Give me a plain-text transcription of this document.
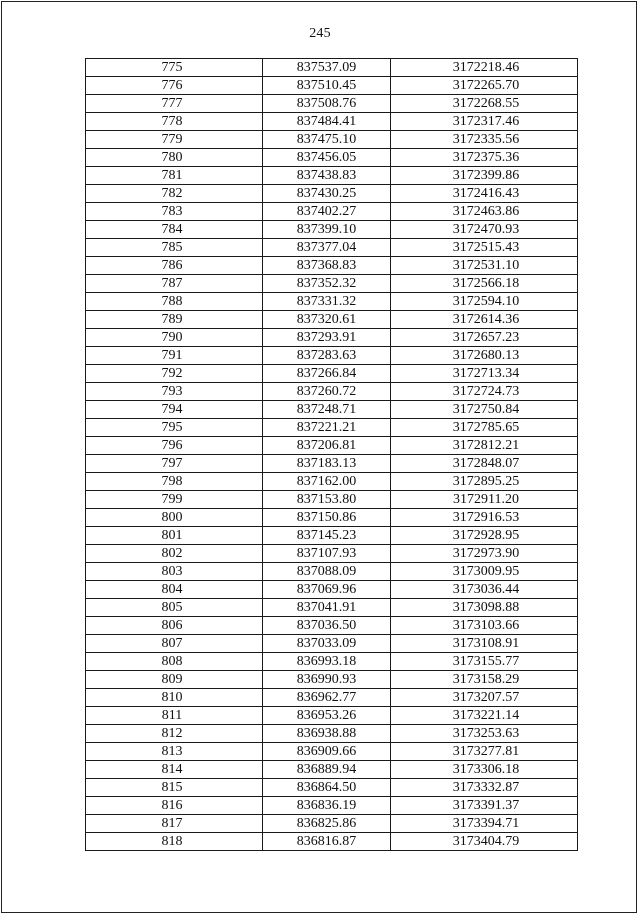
245
775	837537.09	3172218.46
776	837510.45	3172265.70
777	837508.76	3172268.55
778	837484.41	3172317.46
779	837475.10	3172335.56
780	837456.05	3172375.36
781	837438.83	3172399.86
782	837430.25	3172416.43
783	837402.27	3172463.86
784	837399.10	3172470.93
785	837377.04	3172515.43
786	837368.83	3172531.10
787	837352.32	3172566.18
788	837331.32	3172594.10
789	837320.61	3172614.36
790	837293.91	3172657.23
791	837283.63	3172680.13
792	837266.84	3172713.34
793	837260.72	3172724.73
794	837248.71	3172750.84
795	837221.21	3172785.65
796	837206.81	3172812.21
797	837183.13	3172848.07
798	837162.00	3172895.25
799	837153.80	3172911.20
800	837150.86	3172916.53
801	837145.23	3172928.95
802	837107.93	3172973.90
803	837088.09	3173009.95
804	837069.96	3173036.44
805	837041.91	3173098.88
806	837036.50	3173103.66
807	837033.09	3173108.91
808	836993.18	3173155.77
809	836990.93	3173158.29
810	836962.77	3173207.57
811	836953.26	3173221.14
812	836938.88	3173253.63
813	836909.66	3173277.81
814	836889.94	3173306.18
815	836864.50	3173332.87
816	836836.19	3173391.37
817	836825.86	3173394.71
818	836816.87	3173404.79
